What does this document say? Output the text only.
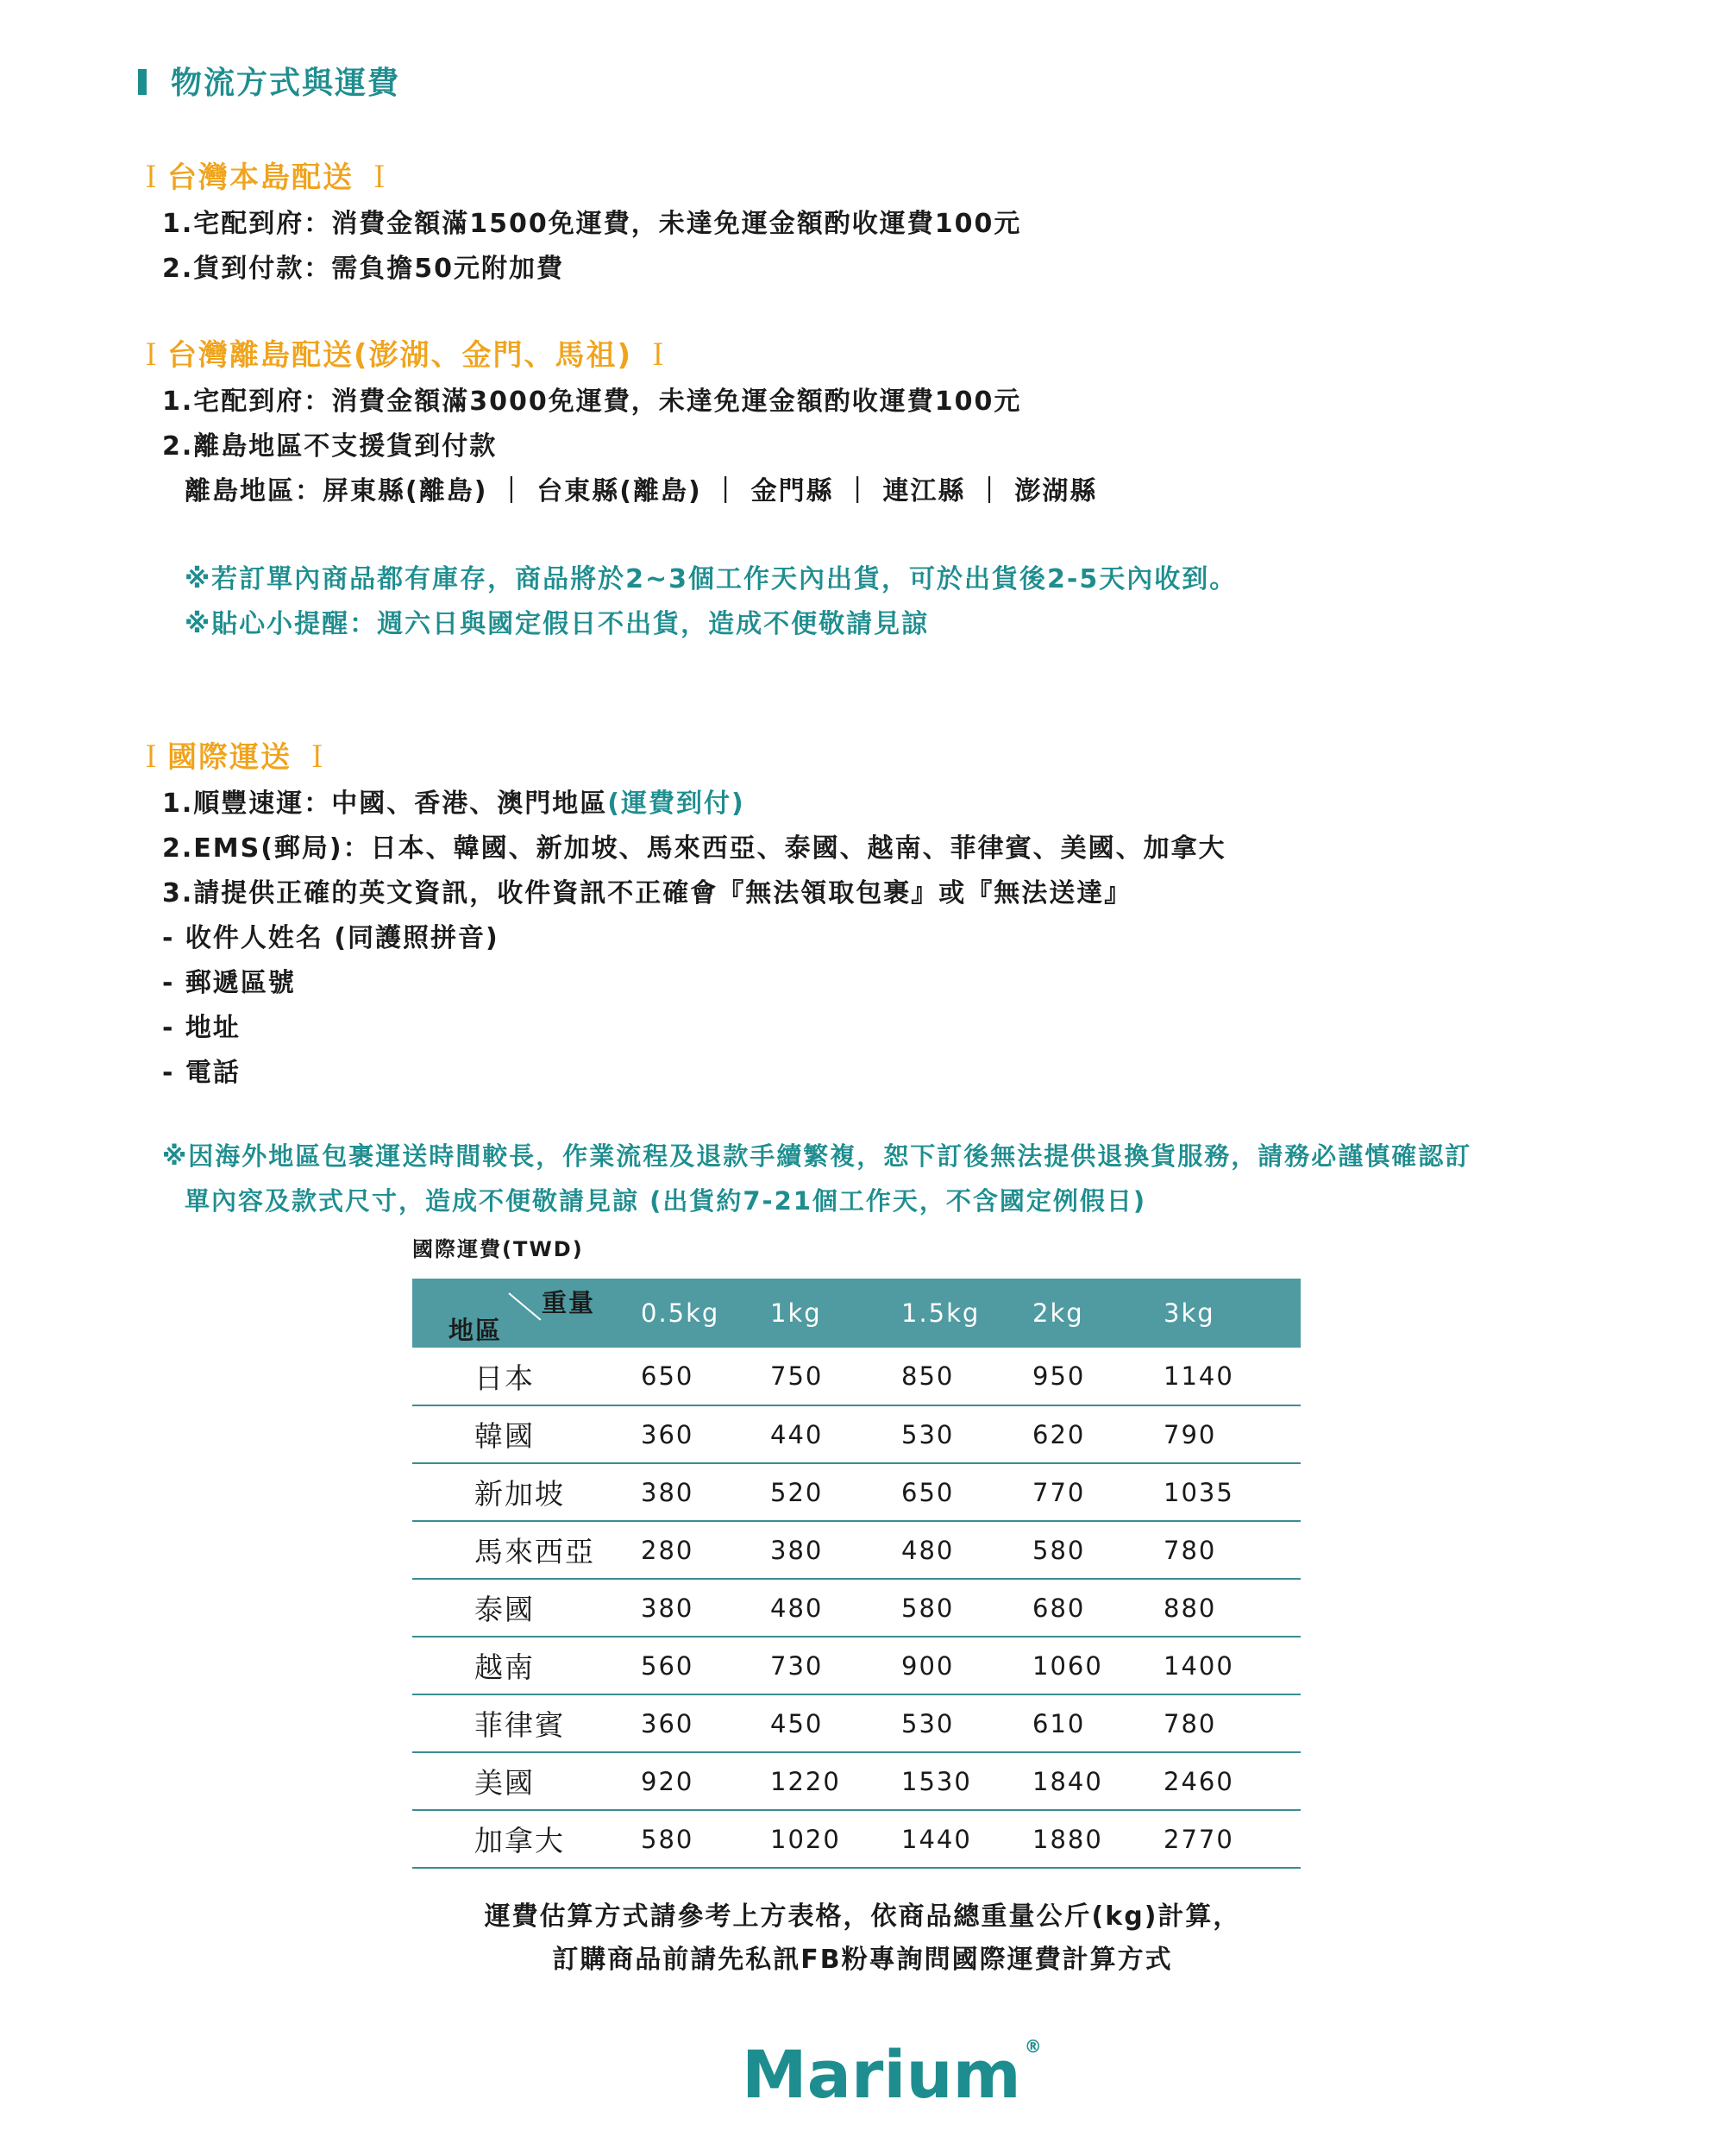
物流方式與運費
Ｉ台灣本島配送 Ｉ
1.宅配到府：消費金額滿1500免運費，未達免運金額酌收運費100元
2.貨到付款：需負擔50元附加費
Ｉ台灣離島配送(澎湖、金門、馬祖) Ｉ
1.宅配到府：消費金額滿3000免運費，未達免運金額酌收運費100元
2.離島地區不支援貨到付款
離島地區：屏東縣(離島) ｜ 台東縣(離島) ｜ 金門縣 ｜ 連江縣 ｜ 澎湖縣
※若訂單內商品都有庫存，商品將於2~3個工作天內出貨，可於出貨後2-5天內收到。
※貼心小提醒：週六日與國定假日不出貨，造成不便敬請見諒
Ｉ國際運送 Ｉ
1.順豐速運：中國、香港、澳門地區(運費到付)
2.EMS(郵局)：日本、韓國、新加坡、馬來西亞、泰國、越南、菲律賓、美國、加拿大
3.請提供正確的英文資訊，收件資訊不正確會『無法領取包裹』或『無法送達』
- 收件人姓名 (同護照拼音)
- 郵遞區號
- 地址
- 電話
※因海外地區包裹運送時間較長，作業流程及退款手續繁複，恕下訂後無法提供退換貨服務，請務必謹慎確認訂
單內容及款式尺寸，造成不便敬請見諒 (出貨約7-21個工作天，不含國定例假日)
國際運費(TWD)
重量
地區	0.5kg	1kg	1.5kg	2kg	3kg
日本	650	750	850	950	1140
韓國	360	440	530	620	790
新加坡	380	520	650	770	1035
馬來西亞	280	380	480	580	780
泰國	380	480	580	680	880
越南	560	730	900	1060	1400
菲律賓	360	450	530	610	780
美國	920	1220	1530	1840	2460
加拿大	580	1020	1440	1880	2770
運費估算方式請參考上方表格，依商品總重量公斤(kg)計算，
訂購商品前請先私訊FB粉專詢問國際運費計算方式
Marium ®
